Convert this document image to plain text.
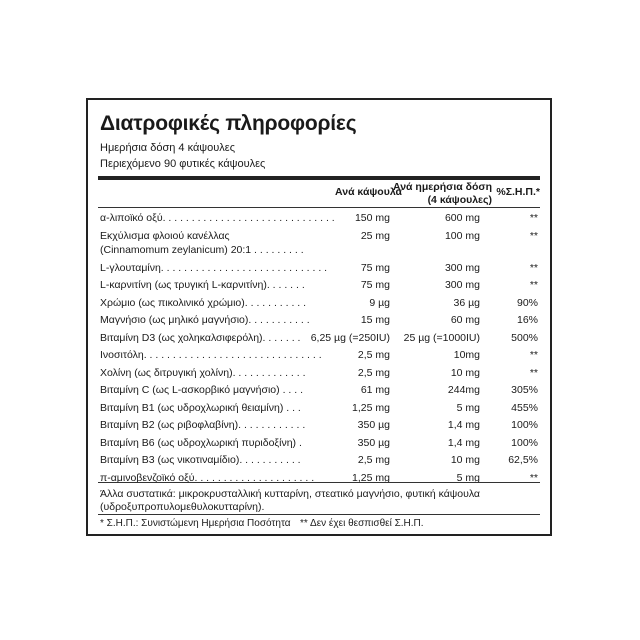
Διατροφικές πληροφορίες
Ημερήσια δόση 4 κάψουλες
Περιεχόμενο 90 φυτικές κάψουλες
Ανά κάψουλα
Ανά ημερήσια δόση
(4 κάψουλες)
%Σ.Η.Π.*
α-λιποϊκό οξύ. . . . . . . . . . . . . . . . . . . . . . . . . . . . . .	150 mg	600 mg	**
Εκχύλισμα φλοιού κανέλλας
(Cinnamomum zeylanicum) 20:1 . . . . . . . . .
25 mg	100 mg	**
L-γλουταμίνη. . . . . . . . . . . . . . . . . . . . . . . . . . . . .	75 mg	300 mg	**
L-καρνιτίνη (ως τρυγική L-καρνιτίνη). . . . . . .	75 mg	300 mg	**
Χρώμιο (ως πικολινικό χρώμιο). . . . . . . . . . .	9 µg	36 µg	90%
Μαγνήσιο (ως μηλικό μαγνήσιο). . . . . . . . . . .	15 mg	60 mg	16%
Βιταμίνη D3 (ως χοληκαλσιφερόλη). . . . . . . 6,25 µg (=250IU) 25 µg (=1000IU)	500%
Ινοσιτόλη. . . . . . . . . . . . . . . . . . . . . . . . . . . . . . .	2,5 mg	10mg	**
Χολίνη (ως διτρυγική χολίνη). . . . . . . . . . . . .	2,5 mg	10 mg	**
Βιταμίνη C (ως L-ασκορβικό μαγνήσιο) . . . .	61 mg	244mg	305%
Βιταμίνη Β1 (ως υδροχλωρική θειαμίνη) . . .	1,25 mg	5 mg	455%
Βιταμίνη Β2 (ως ριβοφλαβίνη). . . . . . . . . . . .	350 µg	1,4 mg	100%
Βιταμίνη Β6 (ως υδροχλωρική πυριδοξίνη) .	350 µg	1,4 mg	100%
Βιταμίνη Β3 (ως νικοτιναμίδιο). . . . . . . . . . .	2,5 mg	10 mg	62,5%
π-αμινοβενζοϊκό οξύ. . . . . . . . . . . . . . . . . . . . .	1,25 mg	5 mg	**
Άλλα συστατικά: μικροκρυσταλλική κυτταρίνη, στεατικό μαγνήσιο, φυτική κάψουλα (υδροξυπροπυλομεθυλοκυτταρίνη).
* Σ.Η.Π.: Συνιστώμενη Ημερήσια Ποσότητα ** Δεν έχει θεσπισθεί Σ.Η.Π.
